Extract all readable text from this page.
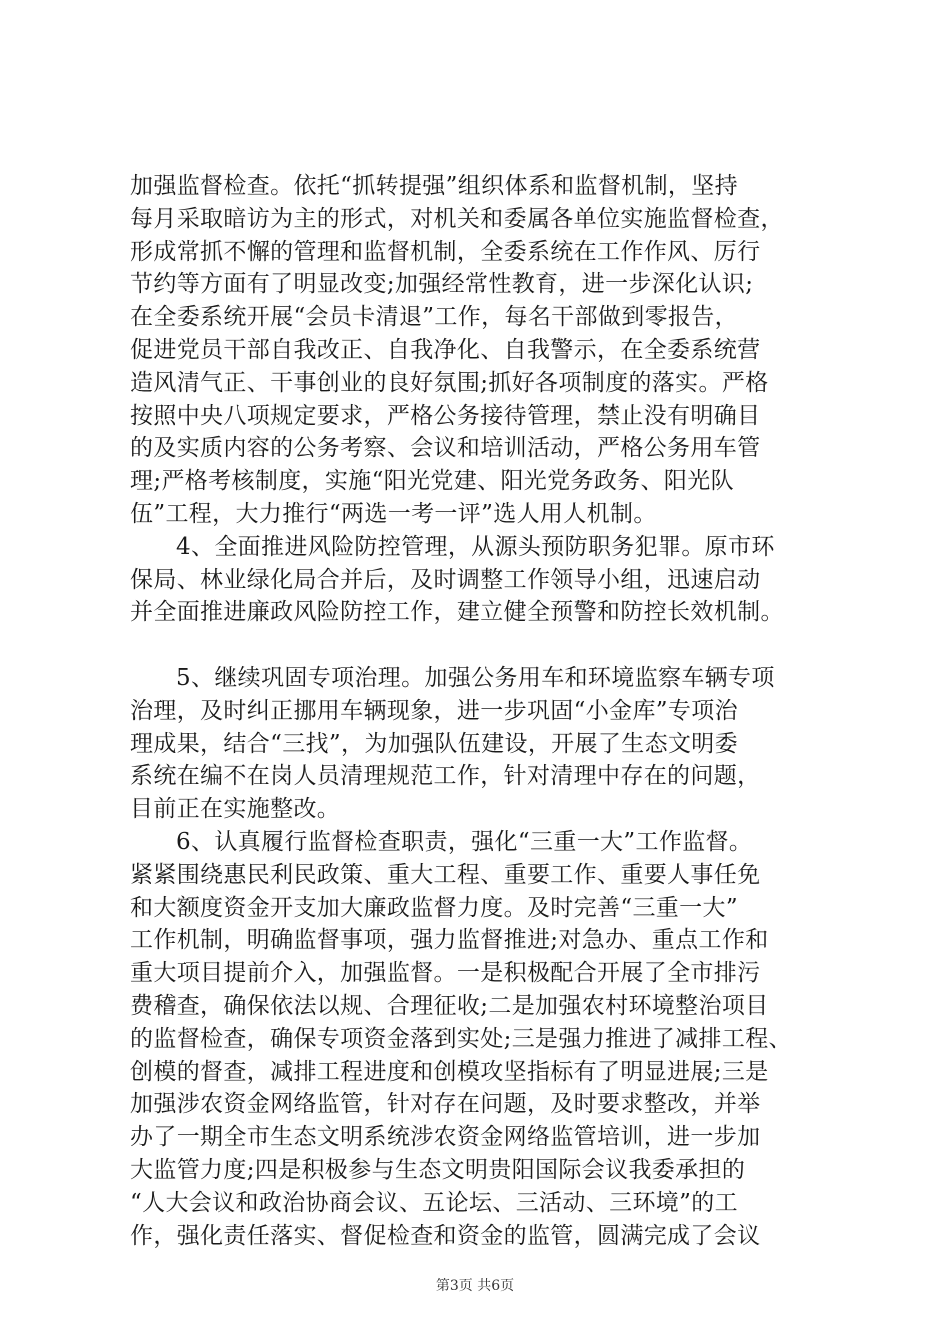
加强监督检查。依托“抓转提强”组织体系和监督机制，坚持
每月采取暗访为主的形式，对机关和委属各单位实施监督检查，
形成常抓不懈的管理和监督机制，全委系统在工作作风、厉行
节约等方面有了明显改变;加强经常性教育，进一步深化认识;
在全委系统开展“会员卡清退”工作，每名干部做到零报告，
促进党员干部自我改正、自我净化、自我警示，在全委系统营
造风清气正、干事创业的良好氛围;抓好各项制度的落实。严格
按照中央八项规定要求，严格公务接待管理，禁止没有明确目
的及实质内容的公务考察、会议和培训活动，严格公务用车管
理;严格考核制度，实施“阳光党建、阳光党务政务、阳光队
伍”工程，大力推行“两选一考一评”选人用人机制。
4、全面推进风险防控管理，从源头预防职务犯罪。原市环
保局、林业绿化局合并后，及时调整工作领导小组，迅速启动
并全面推进廉政风险防控工作，建立健全预警和防控长效机制。
5、继续巩固专项治理。加强公务用车和环境监察车辆专项
治理，及时纠正挪用车辆现象，进一步巩固“小金库”专项治
理成果，结合“三找”，为加强队伍建设，开展了生态文明委
系统在编不在岗人员清理规范工作，针对清理中存在的问题，
目前正在实施整改。
6、认真履行监督检查职责，强化“三重一大”工作监督。
紧紧围绕惠民利民政策、重大工程、重要工作、重要人事任免
和大额度资金开支加大廉政监督力度。及时完善“三重一大”
工作机制，明确监督事项，强力监督推进;对急办、重点工作和
重大项目提前介入，加强监督。一是积极配合开展了全市排污
费稽查，确保依法以规、合理征收;二是加强农村环境整治项目
的监督检查，确保专项资金落到实处;三是强力推进了减排工程、
创模的督查，减排工程进度和创模攻坚指标有了明显进展;三是
加强涉农资金网络监管，针对存在问题，及时要求整改，并举
办了一期全市生态文明系统涉农资金网络监管培训，进一步加
大监管力度;四是积极参与生态文明贵阳国际会议我委承担的
“人大会议和政治协商会议、五论坛、三活动、三环境”的工
作，强化责任落实、督促检查和资金的监管，圆满完成了会议
第3页 共6页
